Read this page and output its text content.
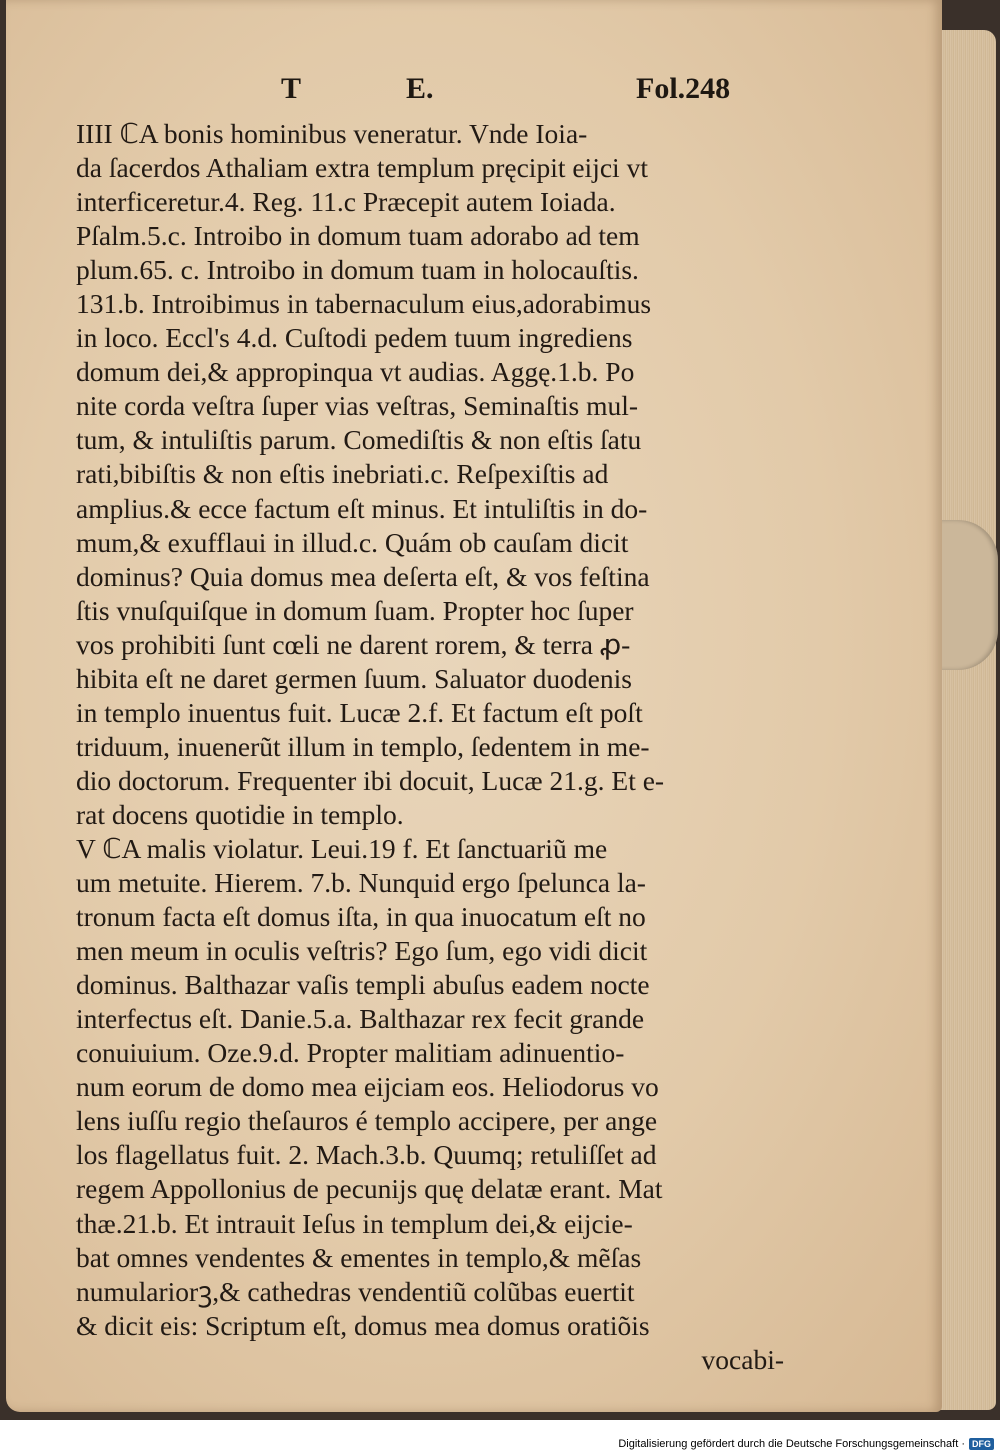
T	E.	Fol.248
IIII ℂA bonis hominibus veneratur. Vnde Ioia-
da ſacerdos Athaliam extra templum pręcipit eijci vt
interficeretur.4. Reg. 11.c Præcepit autem Ioiada.
Pſalm.5.c. Introibo in domum tuam adorabo ad tem
plum.65. c. Introibo in domum tuam in holocauſtis.
131.b. Introibimus in tabernaculum eius,adorabimus
in loco. Eccl's 4.d. Cuſtodi pedem tuum ingrediens
domum dei,& appropinqua vt audias. Aggę.1.b. Po
nite corda veſtra ſuper vias veſtras, Seminaſtis mul-
tum, & intuliſtis parum. Comediſtis & non eſtis ſatu
rati,bibiſtis & non eſtis inebriati.c. Reſpexiſtis ad
amplius.& ecce factum eſt minus. Et intuliſtis in do-
mum,& exufflaui in illud.c. Quám ob cauſam dicit
dominus? Quia domus mea deſerta eſt, & vos feſtina
ſtis vnuſquiſque in domum ſuam. Propter hoc ſuper
vos prohibiti ſunt cœli ne darent rorem, & terra ꝓ-
hibita eſt ne daret germen ſuum. Saluator duodenis
in templo inuentus fuit. Lucæ 2.f. Et factum eſt poſt
triduum, inuenerũt illum in templo, ſedentem in me-
dio doctorum. Frequenter ibi docuit, Lucæ 21.g. Et e-
rat docens quotidie in templo.
V ℂA malis violatur. Leui.19 f. Et ſanctuariũ me
um metuite. Hierem. 7.b. Nunquid ergo ſpelunca la-
tronum facta eſt domus iſta, in qua inuocatum eſt no
men meum in oculis veſtris? Ego ſum, ego vidi dicit
dominus. Balthazar vaſis templi abuſus eadem nocte
interfectus eſt. Danie.5.a. Balthazar rex fecit grande
conuiuium. Oze.9.d. Propter malitiam adinuentio-
num eorum de domo mea eijciam eos. Heliodorus vo
lens iuſſu regio theſauros é templo accipere, per ange
los flagellatus fuit. 2. Mach.3.b. Quumq; retuliſſet ad
regem Appollonius de pecunijs quę delatæ erant. Mat
thæ.21.b. Et intrauit Ieſus in templum dei,& eijcie-
bat omnes vendentes & ementes in templo,& mẽſas
numulariorꝫ,& cathedras vendentiũ colũbas euertit
& dicit eis: Scriptum eſt, domus mea domus oratiõis
vocabi-
Digitalisierung gefördert durch die Deutsche Forschungsgemeinschaft · DFG
